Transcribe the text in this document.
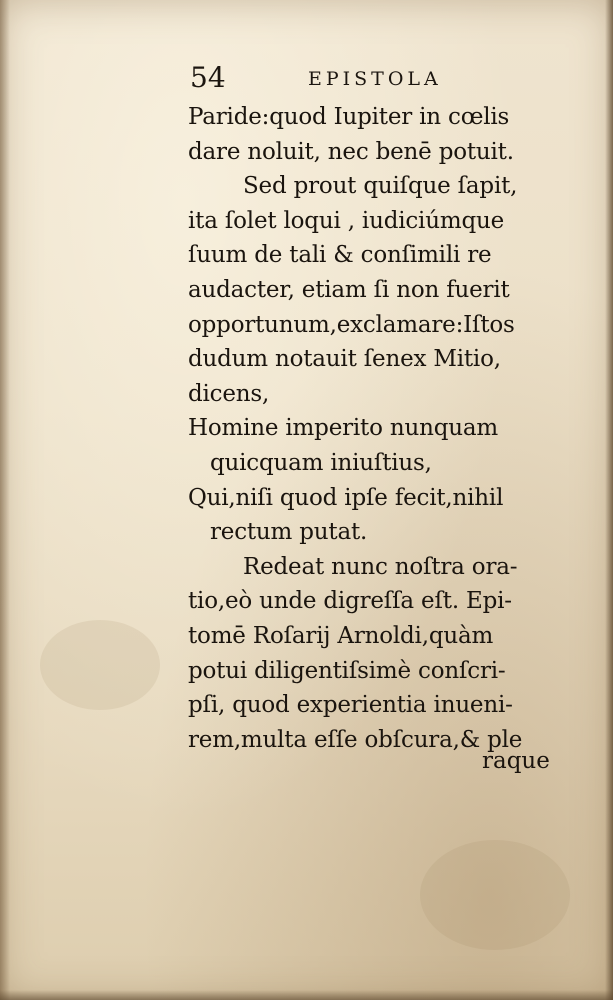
54	EPISTOLA
Paride:quod Iupiter in cœlis
dare noluit, nec benē potuit.
Sed prout quiſque ſapit,
ita ſolet loqui , iudiciúmque
ſuum de tali & conſimili re
audacter, etiam ſi non fuerit
opportunum,exclamare:Iſtos
dudum notauit ſenex Mitio,
dicens,
Homine imperito nunquam
quicquam iniuſtius,
Qui,niſi quod ipſe fecit,nihil
rectum putat.
Redeat nunc noſtra ora-
tio,eò unde digreſſa eſt. Epi-
tomē Roſarij Arnoldi,quàm
potui diligentiſsimè conſcri-
pſi, quod experientia inueni-
rem,multa eſſe obſcura,& ple
raque
